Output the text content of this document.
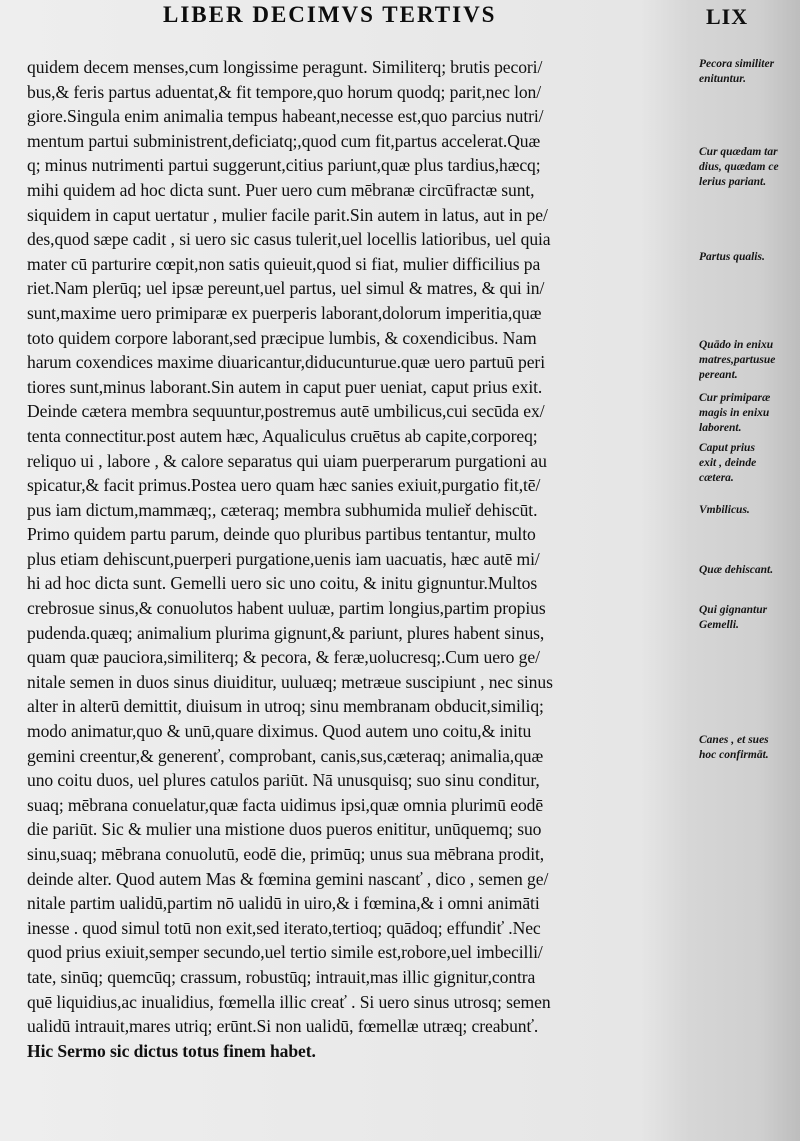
LIBER DECIMVS TERTIVS	LIX
quidem decem menses,cum longissime peragunt. Similiterq; brutis pecori/
bus,& feris partus aduentat,& fit tempore,quo horum quodq; parit,nec lon/
giore.Singula enim animalia tempus habeant,necesse est,quo parcius nutri/
mentum partui subministrent,deficiatq;,quod cum fit,partus accelerat.Quæ
q; minus nutrimenti partui suggerunt,citius pariunt,quæ plus tardius,hæcq;
mihi quidem ad hoc dicta sunt. Puer uero cum mēbranæ circūfractæ sunt,
siquidem in caput uertatur , mulier facile parit.Sin autem in latus, aut in pe/
des,quod sæpe cadit , si uero sic casus tulerit,uel locellis latioribus, uel quia
mater cū parturire cœpit,non satis quieuit,quod si fiat, mulier difficilius pa
riet.Nam plerūq; uel ipsæ pereunt,uel partus, uel simul & matres, & qui in/
sunt,maxime uero primiparæ ex puerperis laborant,dolorum imperitia,quæ
toto quidem corpore laborant,sed præcipue lumbis, & coxendicibus. Nam
harum coxendices maxime diuaricantur,diducunturue.quæ uero partuū peri
tiores sunt,minus laborant.Sin autem in caput puer ueniat, caput prius exit.
Deinde cætera membra sequuntur,postremus autē umbilicus,cui secūda ex/
tenta connectitur.post autem hæc, Aqualiculus cruētus ab capite,corporeq;
reliquo ui , labore , & calore separatus qui uiam puerperarum purgationi au
spicatur,& facit primus.Postea uero quam hæc sanies exiuit,purgatio fit,tē/
pus iam dictum,mammæq;, cæteraq; membra subhumida mulieř dehiscūt.
Primo quidem partu parum, deinde quo pluribus partibus tentantur, multo
plus etiam dehiscunt,puerperi purgatione,uenis iam uacuatis, hæc autē mi/
hi ad hoc dicta sunt. Gemelli uero sic uno coitu, & initu gignuntur.Multos
crebrosue sinus,& conuolutos habent uuluæ, partim longius,partim propius
pudenda.quæq; animalium plurima gignunt,& pariunt, plures habent sinus,
quam quæ pauciora,similiterq; & pecora, & feræ,uolucresq;.Cum uero ge/
nitale semen in duos sinus diuiditur, uuluæq; metræue suscipiunt , nec sinus
alter in alterū demittit, diuisum in utroq; sinu membranam obducit,similiq;
modo animatur,quo & unū,quare diximus. Quod autem uno coitu,& initu
gemini creentur,& generenť, comprobant, canis,sus,cæteraq; animalia,quæ
uno coitu duos, uel plures catulos pariūt. Nā unusquisq; suo sinu conditur,
suaq; mēbrana conuelatur,quæ facta uidimus ipsi,quæ omnia plurimū eodē
die pariūt. Sic & mulier una mistione duos pueros enititur, unūquemq; suo
sinu,suaq; mēbrana conuolutū, eodē die, primūq; unus sua mēbrana prodit,
deinde alter. Quod autem Mas & fœmina gemini nascanť , dico , semen ge/
nitale partim ualidū,partim nō ualidū in uiro,& i fœmina,& i omni animāti
inesse . quod simul totū non exit,sed iterato,tertioq; quādoq; effundiť .Nec
quod prius exiuit,semper secundo,uel tertio simile est,robore,uel imbecilli/
tate, sinūq; quemcūq; crassum, robustūq; intrauit,mas illic gignitur,contra
quē liquidius,ac inualidius, fœmella illic creať . Si uero sinus utrosq; semen
ualidū intrauit,mares utriq; erūnt.Si non ualidū, fœmellæ utræq; creabunť.
Hic Sermo sic dictus totus finem habet.
Pecora similiter
enituntur.
Cur quædam tar
dius, quædam ce
lerius pariant.
Partus qualis.
Quādo in enixu
matres,partusue
pereant.
Cur primiparæ
magis in enixu
laborent.
Caput prius
exit , deinde
cætera.
Vmbilicus.
Quæ dehiscant.
Qui gignantur
Gemelli.
Canes , et sues
hoc confirmāt.
